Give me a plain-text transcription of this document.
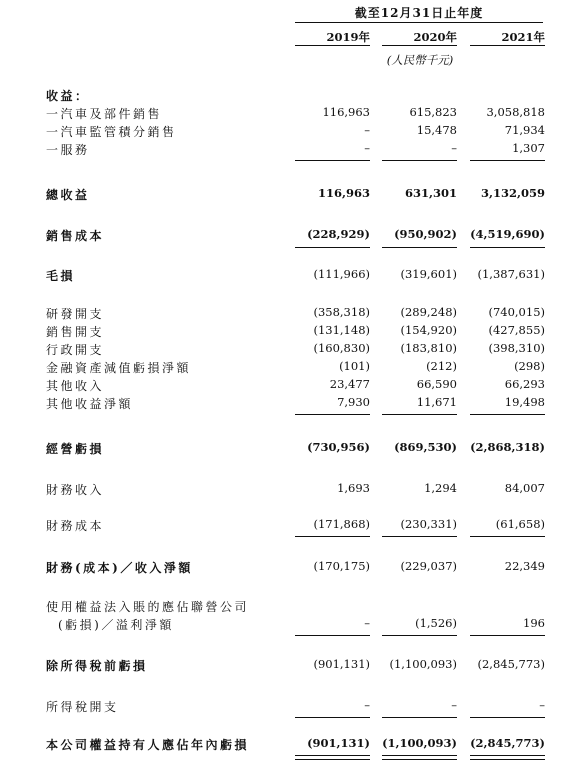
截至12月31日止年度
2019年	2020年	2021年
(人民幣千元)
收益：
一汽車及部件銷售	116,963	615,823	3,058,818
一汽車監管積分銷售	–	15,478	71,934
一服務	–	–	1,307
總收益	116,963	631,301	3,132,059
銷售成本	(228,929)	(950,902)	(4,519,690)
毛損	(111,966)	(319,601)	(1,387,631)
研發開支	(358,318)	(289,248)	(740,015)
銷售開支	(131,148)	(154,920)	(427,855)
行政開支	(160,830)	(183,810)	(398,310)
金融資產減值虧損淨額	(101)	(212)	(298)
其他收入	23,477	66,590	66,293
其他收益淨額	7,930	11,671	19,498
經營虧損	(730,956)	(869,530)	(2,868,318)
財務收入	1,693	1,294	84,007
財務成本	(171,868)	(230,331)	(61,658)
財務(成本)／收入淨額	(170,175)	(229,037)	22,349
使用權益法入賬的應佔聯營公司
(虧損)／溢利淨額	–	(1,526)	196
除所得稅前虧損	(901,131)	(1,100,093)	(2,845,773)
所得稅開支	–	–	–
本公司權益持有人應佔年內虧損	(901,131)	(1,100,093)	(2,845,773)
